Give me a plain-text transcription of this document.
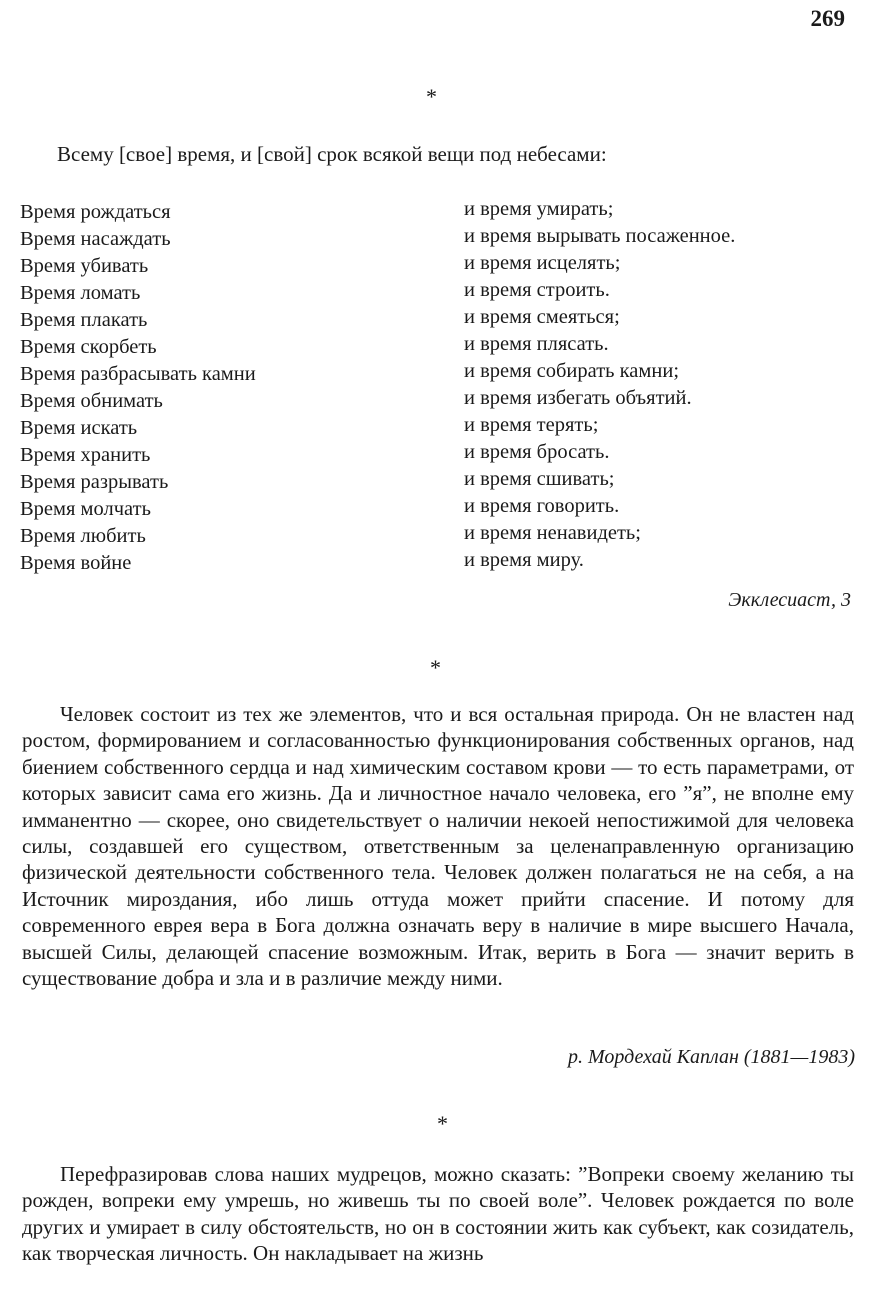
269
*
Всему [свое] время, и [свой] срок всякой вещи под небесами:
Время рождаться
Время насаждать
Время убивать
Время ломать
Время плакать
Время скорбеть
Время разбрасывать камни
Время обнимать
Время искать
Время хранить
Время разрывать
Время молчать
Время любить
Время войне
и время умирать;
и время вырывать посаженное.
и время исцелять;
и время строить.
и время смеяться;
и время плясать.
и время собирать камни;
и время избегать объятий.
и время терять;
и время бросать.
и время сшивать;
и время говорить.
и время ненавидеть;
и время миру.
Экклесиаст, 3
*

Человек состоит из тех же элементов, что и вся остальная природа. Он не властен над ростом, формированием и согласованностью функционирования собственных органов, над биением собственного сердца и над химическим составом крови — то есть параметрами, от которых зависит сама его жизнь. Да и личностное начало человека, его ”я”, не вполне ему имманентно — скорее, оно свидетельствует о наличии некоей непостижимой для человека силы, создавшей его существом, ответственным за целенаправленную организацию физической деятельности собственного тела. Человек должен полагаться не на себя, а на Источник мироздания, ибо лишь оттуда может прийти спасение. И потому для современного еврея вера в Бога должна означать веру в наличие в мире высшего Начала, высшей Силы, делающей спасение возможным. Итак, верить в Бога — значит верить в существование добра и зла и в различие между ними.

р. Мордехай Каплан (1881—1983)
*

Перефразировав слова наших мудрецов, можно сказать: ”Вопреки своему желанию ты рожден, вопреки ему умрешь, но живешь ты по своей воле”. Человек рождается по воле других и умирает в силу обстоятельств, но он в состоянии жить как субъект, как созидатель, как творческая личность. Он накладывает на жизнь
